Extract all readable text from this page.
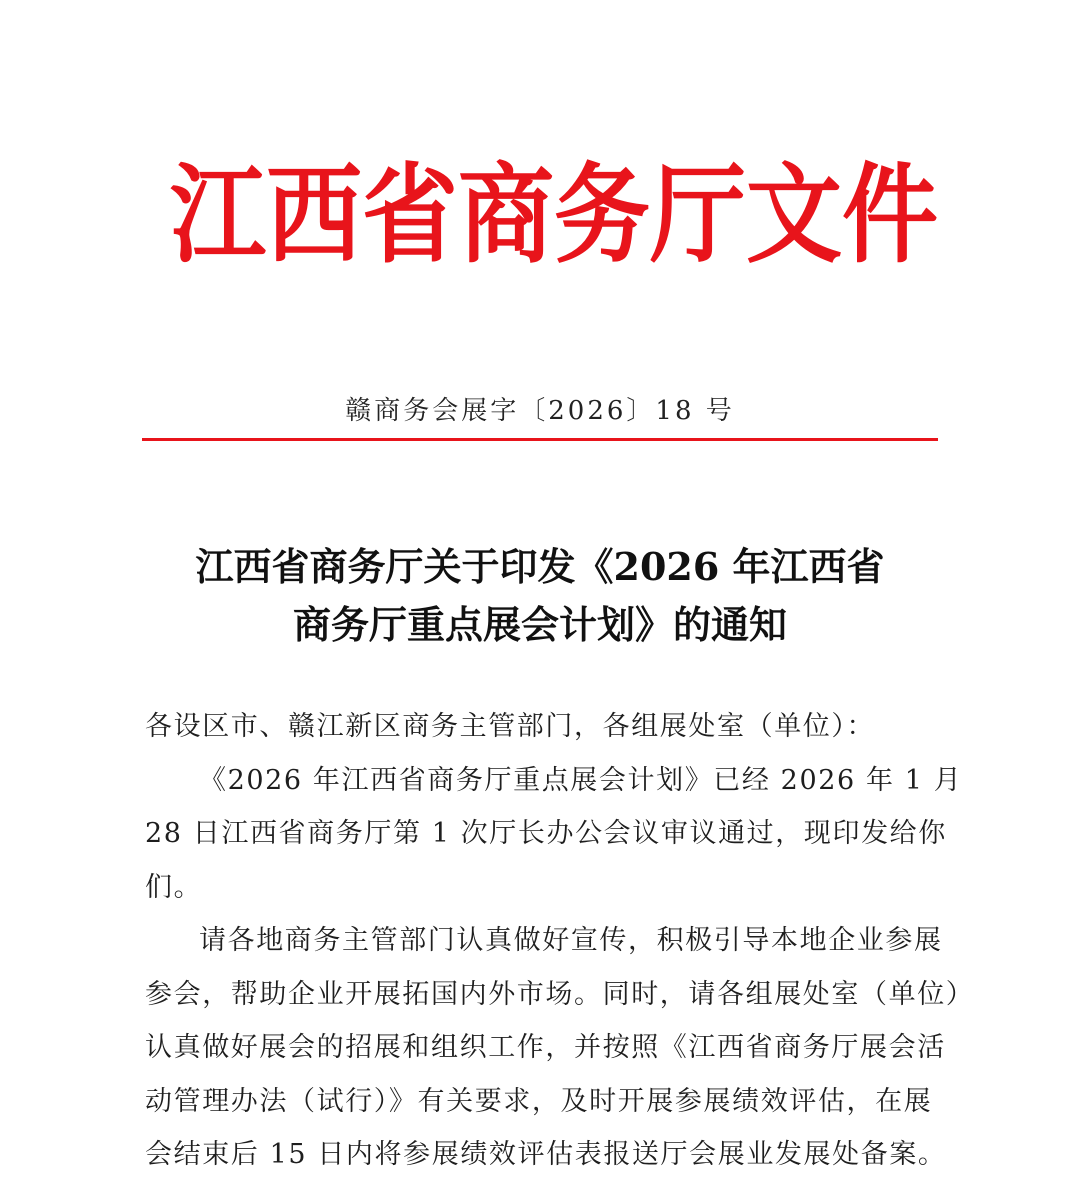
江 西 省 商 务 厅 文 件
赣商务会展字〔2026〕18 号
江西省商务厅关于印发《2026 年江西省
商务厅重点展会计划》的通知
各设区市、赣江新区商务主管部门，各组展处室（单位）：
《2026 年江西省商务厅重点展会计划》已经 2026 年 1 月
28 日江西省商务厅第 1 次厅长办公会议审议通过，现印发给你
们。
请各地商务主管部门认真做好宣传，积极引导本地企业参展
参会，帮助企业开展拓国内外市场。同时，请各组展处室（单位）
认真做好展会的招展和组织工作，并按照《江西省商务厅展会活
动管理办法（试行）》有关要求，及时开展参展绩效评估，在展
会结束后 15 日内将参展绩效评估表报送厅会展业发展处备案。
